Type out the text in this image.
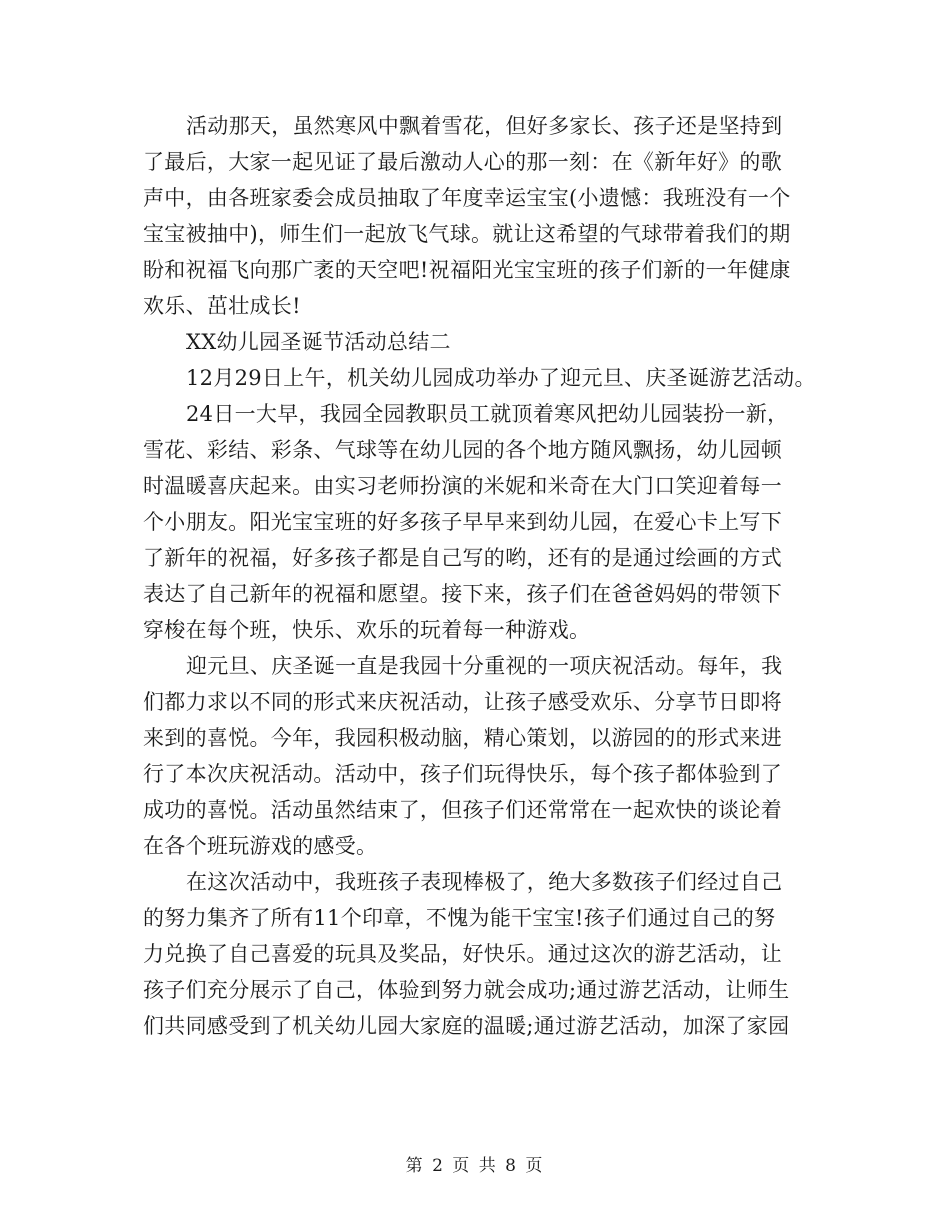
活动那天，虽然寒风中飘着雪花，但好多家长、孩子还是坚持到
了最后，大家一起见证了最后激动人心的那一刻：在《新年好》的歌
声中，由各班家委会成员抽取了年度幸运宝宝(小遗憾：我班没有一个
宝宝被抽中)，师生们一起放飞气球。就让这希望的气球带着我们的期
盼和祝福飞向那广袤的天空吧!祝福阳光宝宝班的孩子们新的一年健康
欢乐、茁壮成长!
XX幼儿园圣诞节活动总结二
12月29日上午，机关幼儿园成功举办了迎元旦、庆圣诞游艺活动。
24日一大早，我园全园教职员工就顶着寒风把幼儿园装扮一新，
雪花、彩结、彩条、气球等在幼儿园的各个地方随风飘扬，幼儿园顿
时温暖喜庆起来。由实习老师扮演的米妮和米奇在大门口笑迎着每一
个小朋友。阳光宝宝班的好多孩子早早来到幼儿园，在爱心卡上写下
了新年的祝福，好多孩子都是自己写的哟，还有的是通过绘画的方式
表达了自己新年的祝福和愿望。接下来，孩子们在爸爸妈妈的带领下
穿梭在每个班，快乐、欢乐的玩着每一种游戏。
迎元旦、庆圣诞一直是我园十分重视的一项庆祝活动。每年，我
们都力求以不同的形式来庆祝活动，让孩子感受欢乐、分享节日即将
来到的喜悦。今年，我园积极动脑，精心策划，以游园的的形式来进
行了本次庆祝活动。活动中，孩子们玩得快乐，每个孩子都体验到了
成功的喜悦。活动虽然结束了，但孩子们还常常在一起欢快的谈论着
在各个班玩游戏的感受。
在这次活动中，我班孩子表现棒极了，绝大多数孩子们经过自己
的努力集齐了所有11个印章，不愧为能干宝宝!孩子们通过自己的努
力兑换了自己喜爱的玩具及奖品，好快乐。通过这次的游艺活动，让
孩子们充分展示了自己，体验到努力就会成功;通过游艺活动，让师生
们共同感受到了机关幼儿园大家庭的温暖;通过游艺活动，加深了家园
第 2 页 共 8 页
